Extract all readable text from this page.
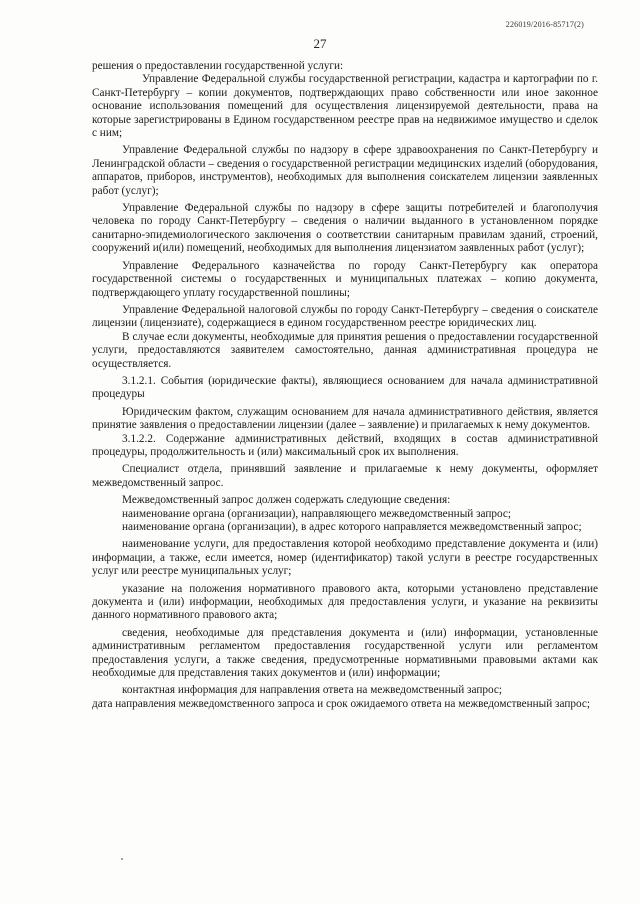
226019/2016-85717(2)
27

решения о предоставлении государственной услуги:

Управление Федеральной службы государственной регистрации, кадастра и картографии по г. Санкт-Петербургу – копии документов, подтверждающих право собственности или иное законное основание использования помещений для осуществления лицензируемой деятельности, права на которые зарегистрированы в Едином государственном реестре прав на недвижимое имущество и сделок с ним;

Управление Федеральной службы по надзору в сфере здравоохранения по Санкт-Петербургу и Ленинградской области – сведения о государственной регистрации медицинских изделий (оборудования, аппаратов, приборов, инструментов), необходимых для выполнения соискателем лицензии заявленных работ (услуг);

Управление Федеральной службы по надзору в сфере защиты потребителей и благополучия человека по городу Санкт-Петербургу – сведения о наличии выданного в установленном порядке санитарно-эпидемиологического заключения о соответствии санитарным правилам зданий, строений, сооружений и(или) помещений, необходимых для выполнения лицензиатом заявленных работ (услуг);

Управление Федерального казначейства по городу Санкт-Петербургу как оператора государственной системы о государственных и муниципальных платежах – копию документа, подтверждающего уплату государственной пошлины;

Управление Федеральной налоговой службы по городу Санкт-Петербургу – сведения о соискателе лицензии (лицензиате), содержащиеся в едином государственном реестре юридических лиц.

В случае если документы, необходимые для принятия решения о предоставлении государственной услуги, предоставляются заявителем самостоятельно, данная административная процедура не осуществляется.

3.1.2.1. События (юридические факты), являющиеся основанием для начала административной процедуры

Юридическим фактом, служащим основанием для начала административного действия, является принятие заявления о предоставлении лицензии (далее – заявление) и прилагаемых к нему документов.

3.1.2.2. Содержание административных действий, входящих в состав административной процедуры, продолжительность и (или) максимальный срок их выполнения.

Специалист отдела, принявший заявление и прилагаемые к нему документы, оформляет межведомственный запрос.

Межведомственный запрос должен содержать следующие сведения:

наименование органа (организации), направляющего межведомственный запрос;

наименование органа (организации), в адрес которого направляется межведомственный запрос;

наименование услуги, для предоставления которой необходимо представление документа и (или) информации, а также, если имеется, номер (идентификатор) такой услуги в реестре государственных услуг или реестре муниципальных услуг;

указание на положения нормативного правового акта, которыми установлено представление документа и (или) информации, необходимых для предоставления услуги, и указание на реквизиты данного нормативного правового акта;

сведения, необходимые для представления документа и (или) информации, установленные административным регламентом предоставления государственной услуги или регламентом предоставления услуги, а также сведения, предусмотренные нормативными правовыми актами как необходимые для представления таких документов и (или) информации;

контактная информация для направления ответа на межведомственный запрос;

дата направления межведомственного запроса и срок ожидаемого ответа на межведомственный запрос;
